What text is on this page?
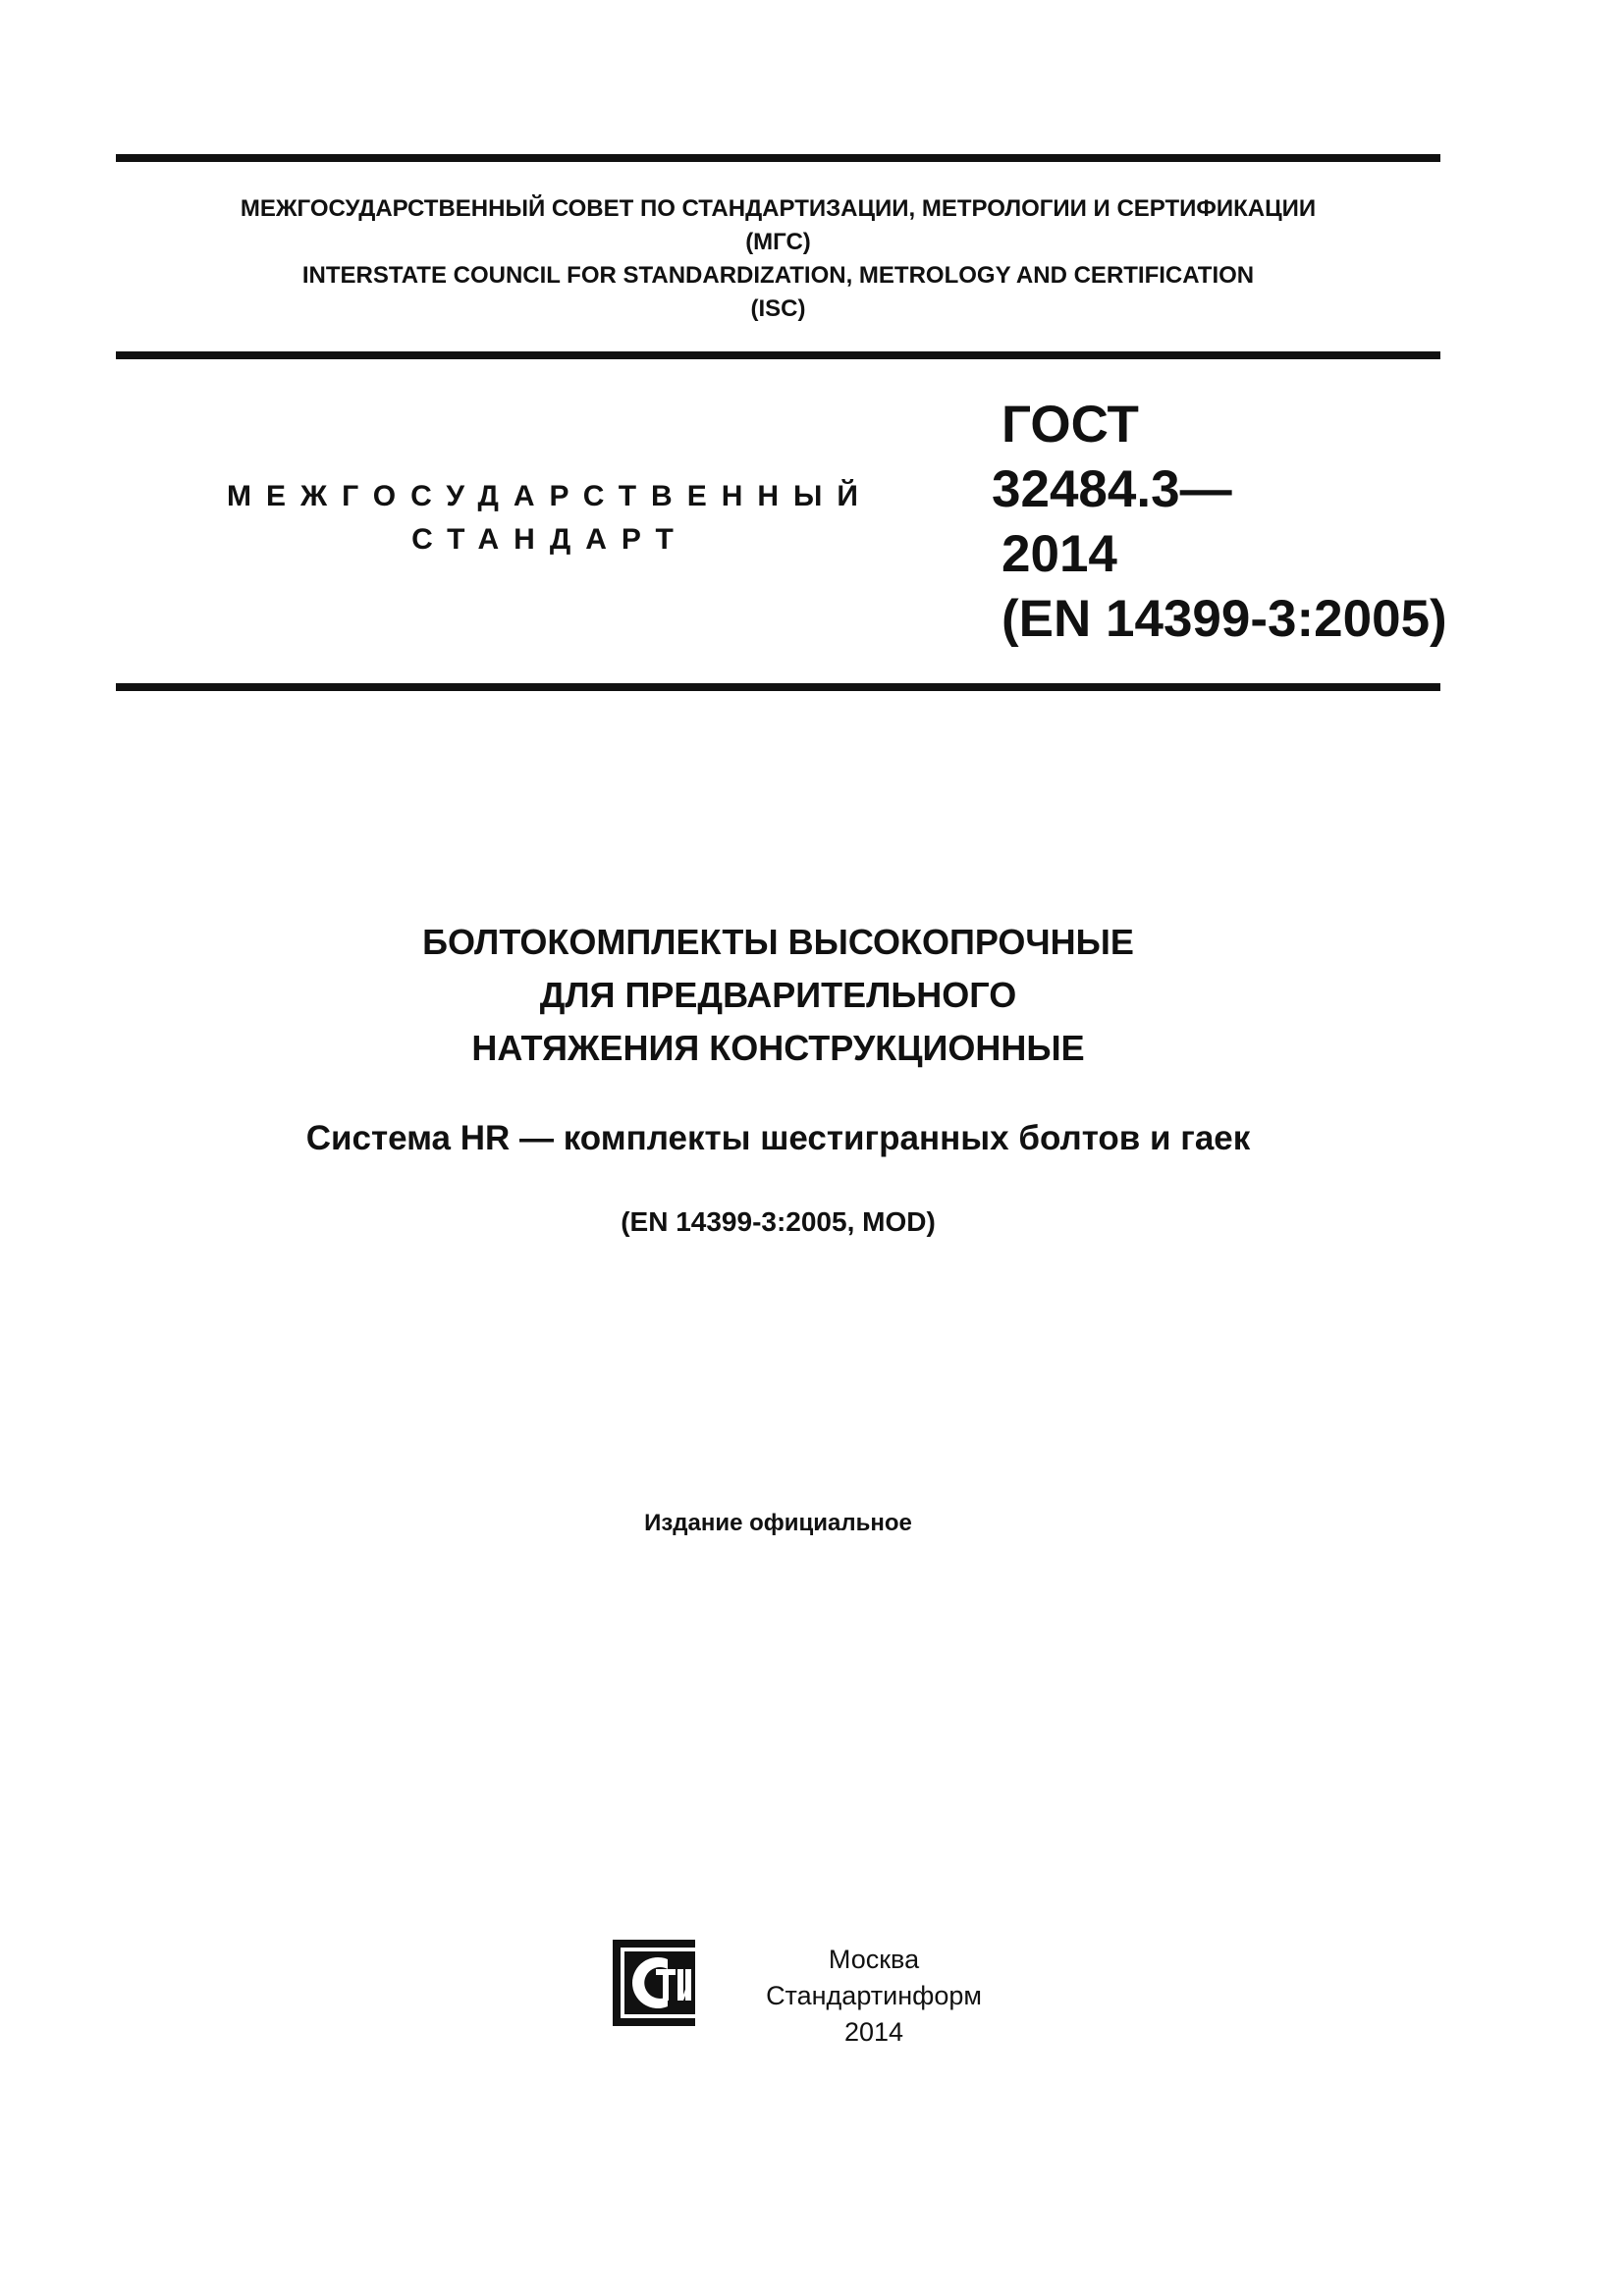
МЕЖГОСУДАРСТВЕННЫЙ СОВЕТ ПО СТАНДАРТИЗАЦИИ, МЕТРОЛОГИИ И СЕРТИФИКАЦИИ
(МГС)
INTERSTATE COUNCIL FOR STANDARDIZATION, METROLOGY AND CERTIFICATION
(ISC)
МЕЖГОСУДАРСТВЕННЫЙ
СТАНДАРТ
ГОСТ
32484.3—
2014
(EN 14399-3:2005)
БОЛТОКОМПЛЕКТЫ ВЫСОКОПРОЧНЫЕ
ДЛЯ ПРЕДВАРИТЕЛЬНОГО
НАТЯЖЕНИЯ КОНСТРУКЦИОННЫЕ
Система HR — комплекты шестигранных болтов и гаек
(EN 14399-3:2005, MOD)
Издание официальное
Москва
Стандартинформ
2014
